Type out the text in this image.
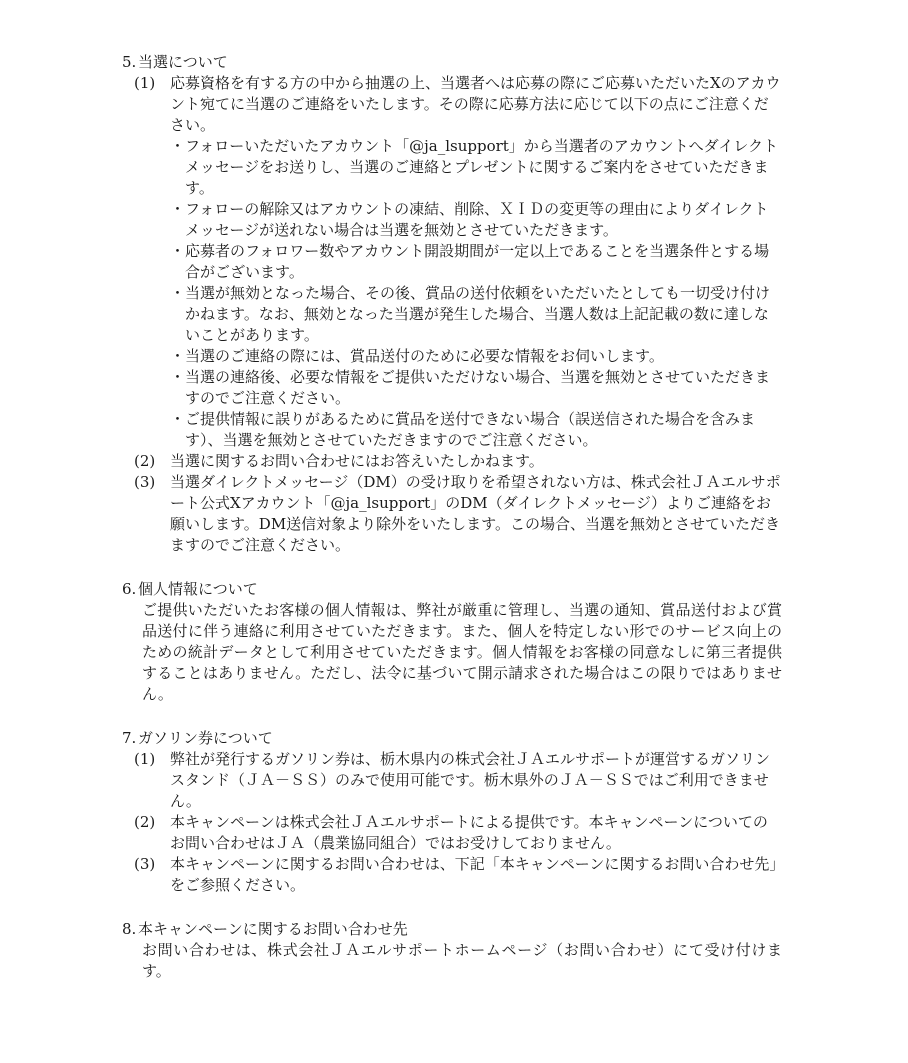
5. 当選について
(1) 応募資格を有する方の中から抽選の上、当選者へは応募の際にご応募いただいたXのアカウント宛てに当選のご連絡をいたします。その際に応募方法に応じて以下の点にご注意ください。
・ フォローいただいたアカウント「@ja_lsupport」から当選者のアカウントへダイレクトメッセージをお送りし、当選のご連絡とプレゼントに関するご案内をさせていただきます。
・ フォローの解除又はアカウントの凍結、削除、ＸＩＤの変更等の理由によりダイレクトメッセージが送れない場合は当選を無効とさせていただきます。
・ 応募者のフォロワー数やアカウント開設期間が一定以上であることを当選条件とする場合がございます。
・ 当選が無効となった場合、その後、賞品の送付依頼をいただいたとしても一切受け付けかねます。なお、無効となった当選が発生した場合、当選人数は上記記載の数に達しないことがあります。
・ 当選のご連絡の際には、賞品送付のために必要な情報をお伺いします。
・ 当選の連絡後、必要な情報をご提供いただけない場合、当選を無効とさせていただきますのでご注意ください。
・ ご提供情報に誤りがあるために賞品を送付できない場合（誤送信された場合を含みます）、当選を無効とさせていただきますのでご注意ください。
(2) 当選に関するお問い合わせにはお答えいたしかねます。
(3) 当選ダイレクトメッセージ（DM）の受け取りを希望されない方は、株式会社ＪＡエルサポート公式Xアカウント「@ja_lsupport」のDM（ダイレクトメッセージ）よりご連絡をお願いします。DM送信対象より除外をいたします。この場合、当選を無効とさせていただきますのでご注意ください。
6. 個人情報について

ご提供いただいたお客様の個人情報は、弊社が厳重に管理し、当選の通知、賞品送付および賞品送付に伴う連絡に利用させていただきます。また、個人を特定しない形でのサービス向上のための統計データとして利用させていただきます。個人情報をお客様の同意なしに第三者提供することはありません。ただし、法令に基づいて開示請求された場合はこの限りではありません。

7. ガソリン券について
(1) 弊社が発行するガソリン券は、栃木県内の株式会社ＪＡエルサポートが運営するガソリンスタンド（ＪＡ－ＳＳ）のみで使用可能です。栃木県外のＪＡ－ＳＳではご利用できません。
(2) 本キャンペーンは株式会社ＪＡエルサポートによる提供です。本キャンペーンについてのお問い合わせはＪＡ（農業協同組合）ではお受けしておりません。
(3) 本キャンペーンに関するお問い合わせは、下記「本キャンペーンに関するお問い合わせ先」をご参照ください。
8. 本キャンペーンに関するお問い合わせ先

お問い合わせは、株式会社ＪＡエルサポートホームページ（お問い合わせ）にて受け付けます。
